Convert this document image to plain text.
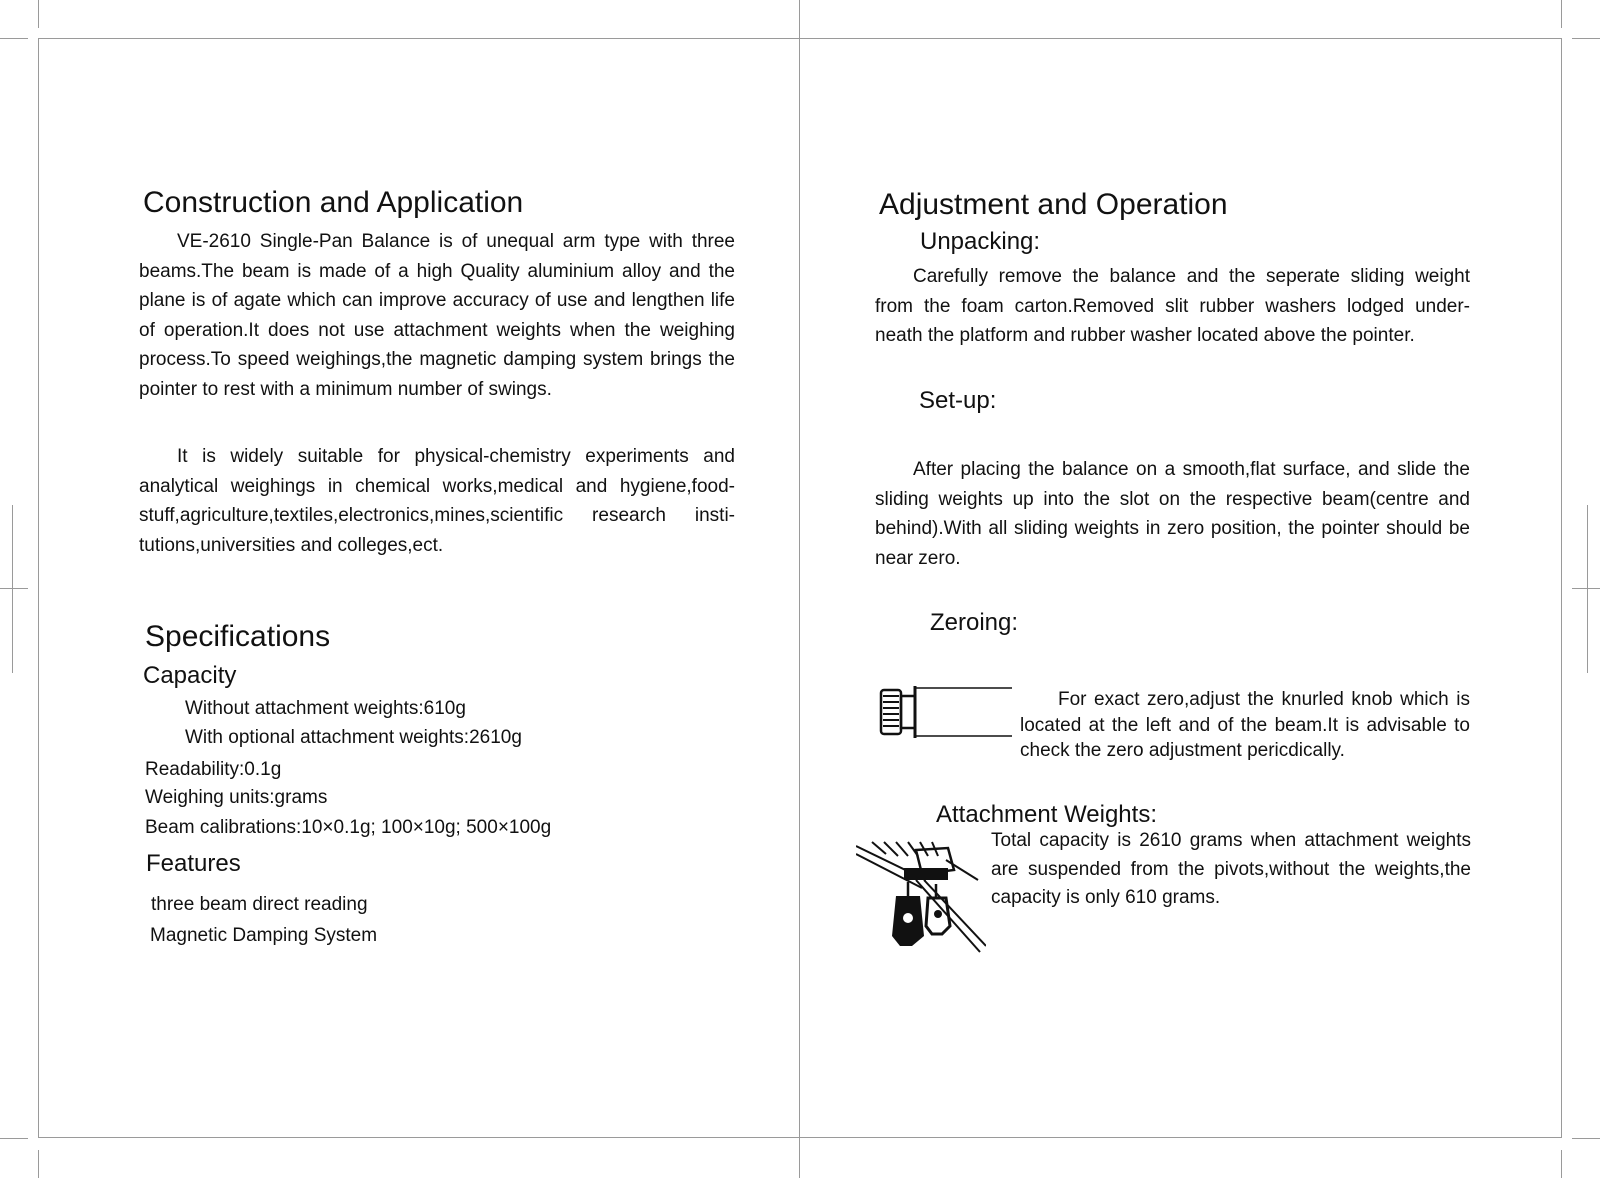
Construction and Application
VE-2610 Single-Pan Balance is of unequal arm type with three beams.The beam is made of a high Quality aluminium alloy and the plane is of agate which can improve accuracy of use and lengthen life of operation.It does not use attachment weights when the weighing process.To speed weighings,the magnetic damping system brings the pointer to rest with a minimum number of swings.
It is widely suitable for physical-chemistry experiments and analytical weighings in chemical works,medical and hygiene,food-stuff,agriculture,textiles,electronics,mines,scientific research insti-tutions,universities and colleges,ect.
Specifications
Capacity
Without attachment weights:610g
With optional attachment weights:2610g
Readability:0.1g
Weighing units:grams
Beam calibrations:10×0.1g; 100×10g; 500×100g
Features
three beam direct reading
Magnetic Damping System
Adjustment and Operation
Unpacking:
Carefully remove the balance and the seperate sliding weight from the foam carton.Removed slit rubber washers lodged under-neath the platform and rubber washer located above the pointer.
Set-up:
After placing the balance on a smooth,flat surface, and slide the sliding weights up into the slot on the respective beam(centre and behind).With all sliding weights in zero position, the pointer should be near zero.
Zeroing:
For exact zero,adjust the knurled knob which is located at the left and of the beam.It is advisable to check the zero adjustment pericdically.
Attachment Weights:
Total capacity is 2610 grams when attachment weights are suspended from the pivots,without the weights,the capacity is only 610 grams.
